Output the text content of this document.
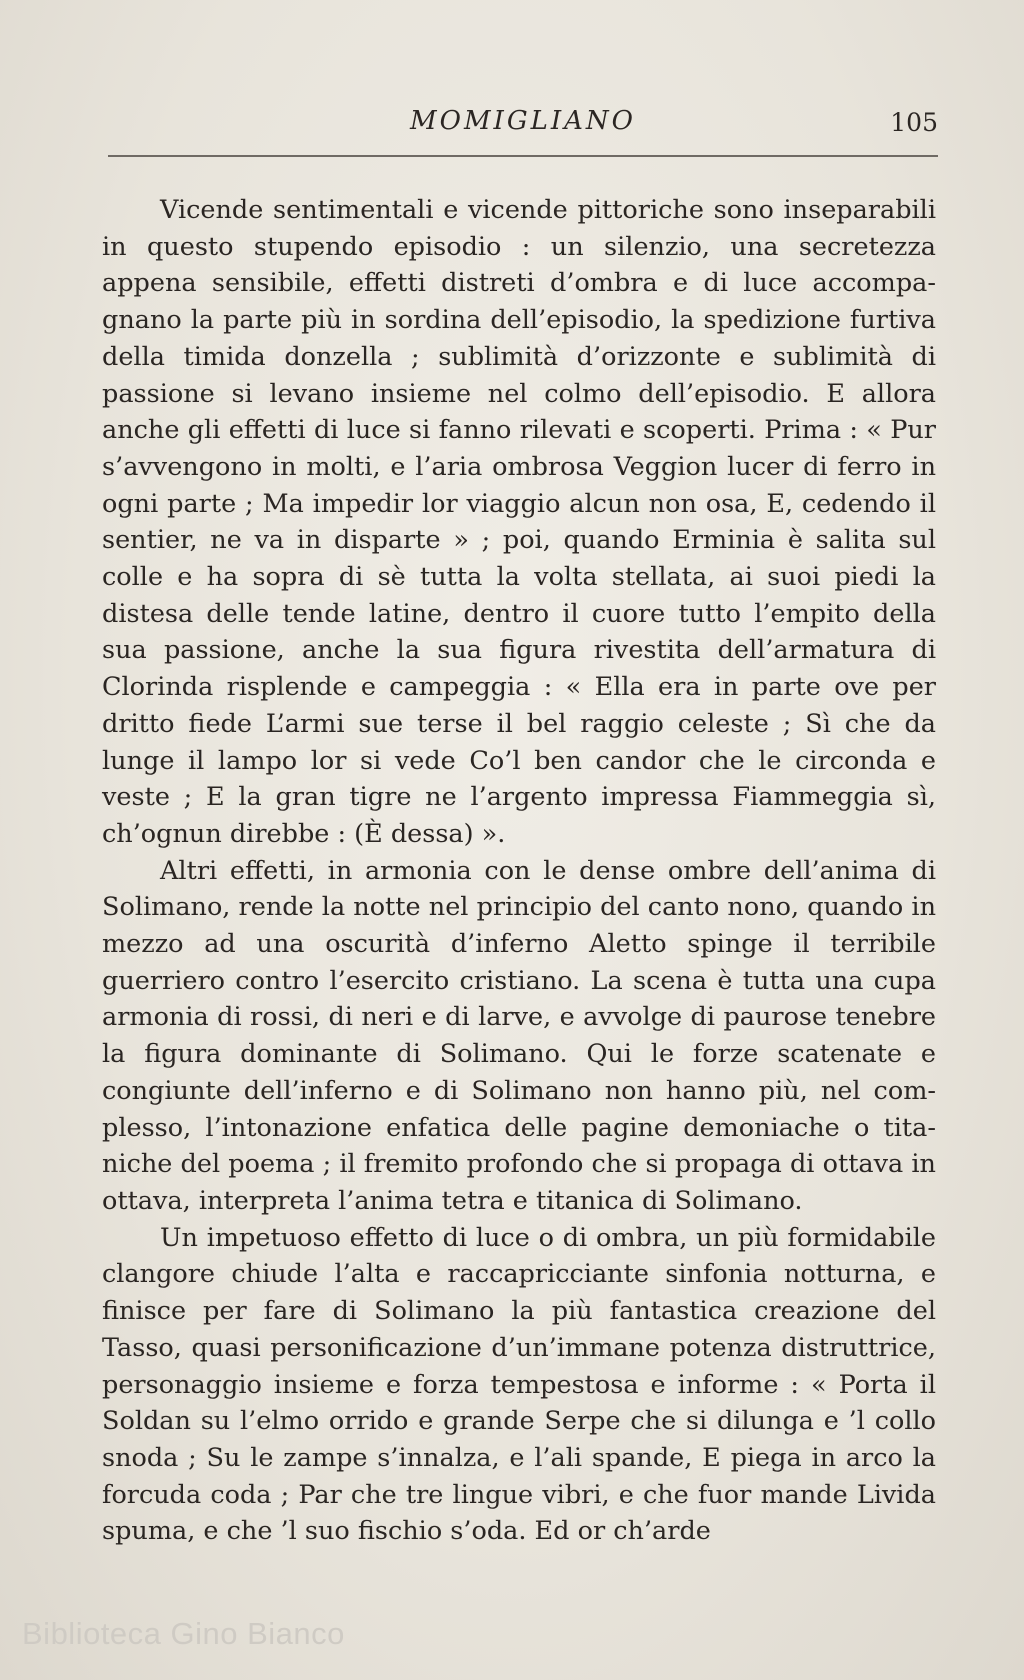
MOMIGLIANO	105

Vicende sentimentali e vicende pittoriche sono inseparabili in questo stupendo episodio : un silenzio, una secretezza appena sensibile, effetti distreti d’ombra e di luce accompagnano la parte più in sordina dell’episodio, la spedizione furtiva della timida donzella ; sublimità d’orizzonte e sublimità di passione si levano insieme nel colmo dell’episodio. E allora anche gli effetti di luce si fanno rilevati e scoperti. Prima : « Pur s’avvengono in molti, e l’aria ombrosa Veggion lucer di ferro in ogni parte ; Ma impedir lor viaggio alcun non osa, E, cedendo il sentier, ne va in disparte » ; poi, quando Erminia è salita sul colle e ha sopra di sè tutta la volta stellata, ai suoi piedi la distesa delle tende latine, dentro il cuore tutto l’empito della sua passione, anche la sua figura rivestita dell’armatura di Clorinda risplende e campeggia : « Ella era in parte ove per dritto fiede L’armi sue terse il bel raggio celeste ; Sì che da lunge il lampo lor si vede Co’l ben candor che le circonda e veste ; E la gran tigre ne l’argento impressa Fiammeggia sì, ch’ognun direbbe : (È dessa) ».

Altri effetti, in armonia con le dense ombre dell’anima di Solimano, rende la notte nel principio del canto nono, quando in mezzo ad una oscurità d’inferno Aletto spinge il terribile guerriero contro l’esercito cristiano. La scena è tutta una cupa armonia di rossi, di neri e di larve, e avvolge di paurose tenebre la figura dominante di Solimano. Qui le forze scatenate e congiunte dell’inferno e di Solimano non hanno più, nel complesso, l’intonazione enfatica delle pagine demoniache o titaniche del poema ; il fremito profondo che si propaga di ottava in ottava, interpreta l’anima tetra e titanica di Solimano.

Un impetuoso effetto di luce o di ombra, un più formidabile clangore chiude l’alta e raccapricciante sinfonia notturna, e finisce per fare di Solimano la più fantastica creazione del Tasso, quasi personificazione d’un’immane potenza distruttrice, personaggio insieme e forza tempestosa e informe : « Porta il Soldan su l’elmo orrido e grande Serpe che si dilunga e ’l collo snoda ; Su le zampe s’innalza, e l’ali spande, E piega in arco la forcuda coda ; Par che tre lingue vibri, e che fuor mande Livida spuma, e che ’l suo fischio s’oda. Ed or ch’arde

Biblioteca Gino Bianco
